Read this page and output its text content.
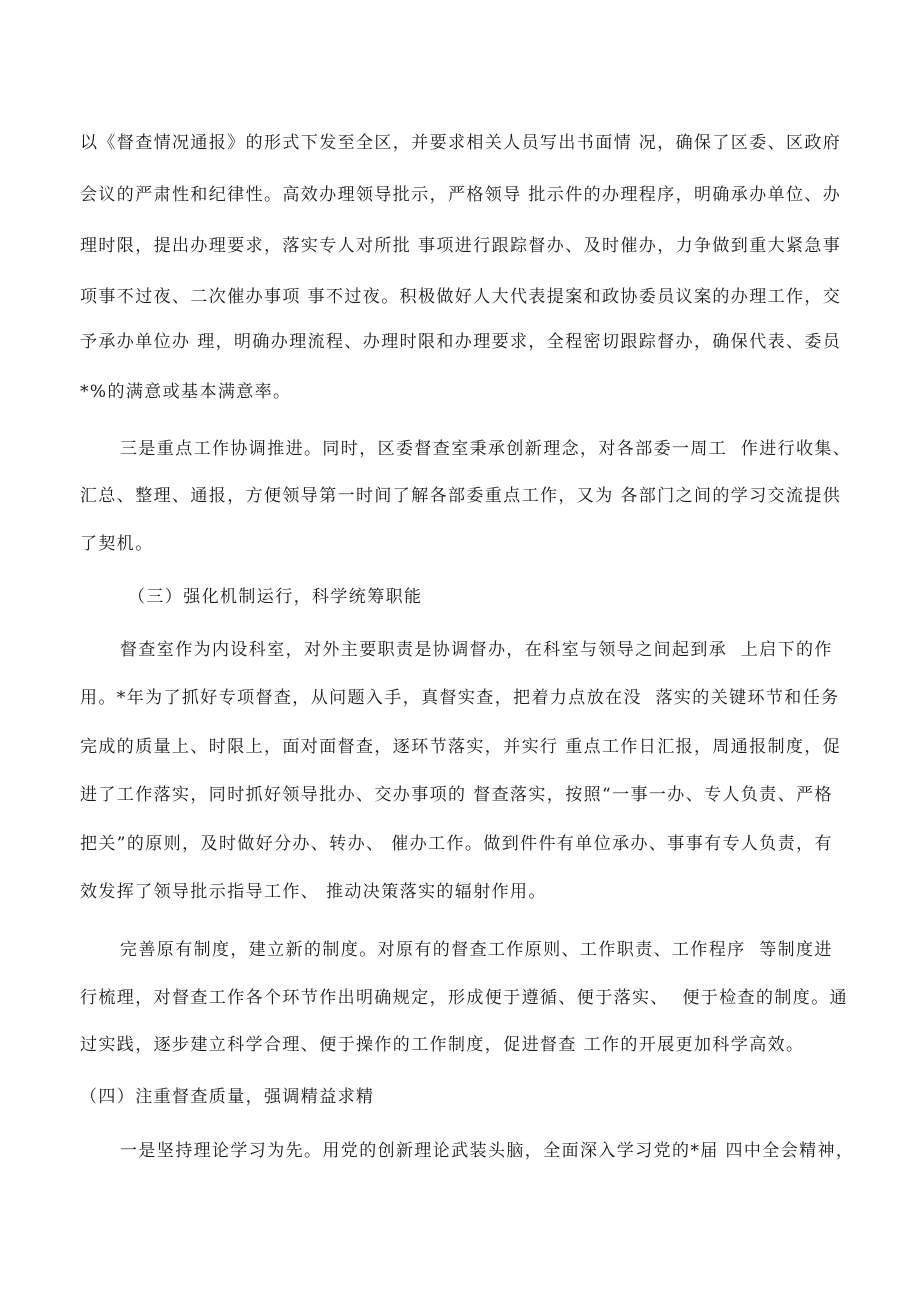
以《督查情况通报》的形式下发至全区，并要求相关人员写出书面情 况，确保了区委、区政府
会议的严肃性和纪律性。高效办理领导批示，严格领导 批示件的办理程序，明确承办单位、办
理时限，提出办理要求，落实专人对所批 事项进行跟踪督办、及时催办，力争做到重大紧急事
项事不过夜、二次催办事项 事不过夜。积极做好人大代表提案和政协委员议案的办理工作，交
予承办单位办 理，明确办理流程、办理时限和办理要求，全程密切跟踪督办，确保代表、委员
*%的满意或基本满意率。
三是重点工作协调推进。同时，区委督查室秉承创新理念，对各部委一周工  作进行收集、
汇总、整理、通报，方便领导第一时间了解各部委重点工作，又为 各部门之间的学习交流提供
了契机。
（三）强化机制运行，科学统筹职能
督查室作为内设科室，对外主要职责是协调督办，在科室与领导之间起到承  上启下的作
用。*年为了抓好专项督查，从问题入手，真督实查，把着力点放在没  落实的关键环节和任务
完成的质量上、时限上，面对面督查，逐环节落实，并实行 重点工作日汇报，周通报制度，促
进了工作落实，同时抓好领导批办、交办事项的 督查落实，按照“一事一办、专人负责、严格
把关”的原则，及时做好分办、转办、 催办工作。做到件件有单位承办、事事有专人负责，有
效发挥了领导批示指导工作、 推动决策落实的辐射作用。
完善原有制度，建立新的制度。对原有的督查工作原则、工作职责、工作程序  等制度进
行梳理，对督查工作各个环节作出明确规定，形成便于遵循、便于落实、  便于检查的制度。通
过实践，逐步建立科学合理、便于操作的工作制度，促进督查 工作的开展更加科学高效。
（四）注重督查质量，强调精益求精
一是坚持理论学习为先。用党的创新理论武装头脑，全面深入学习党的*届 四中全会精神，
